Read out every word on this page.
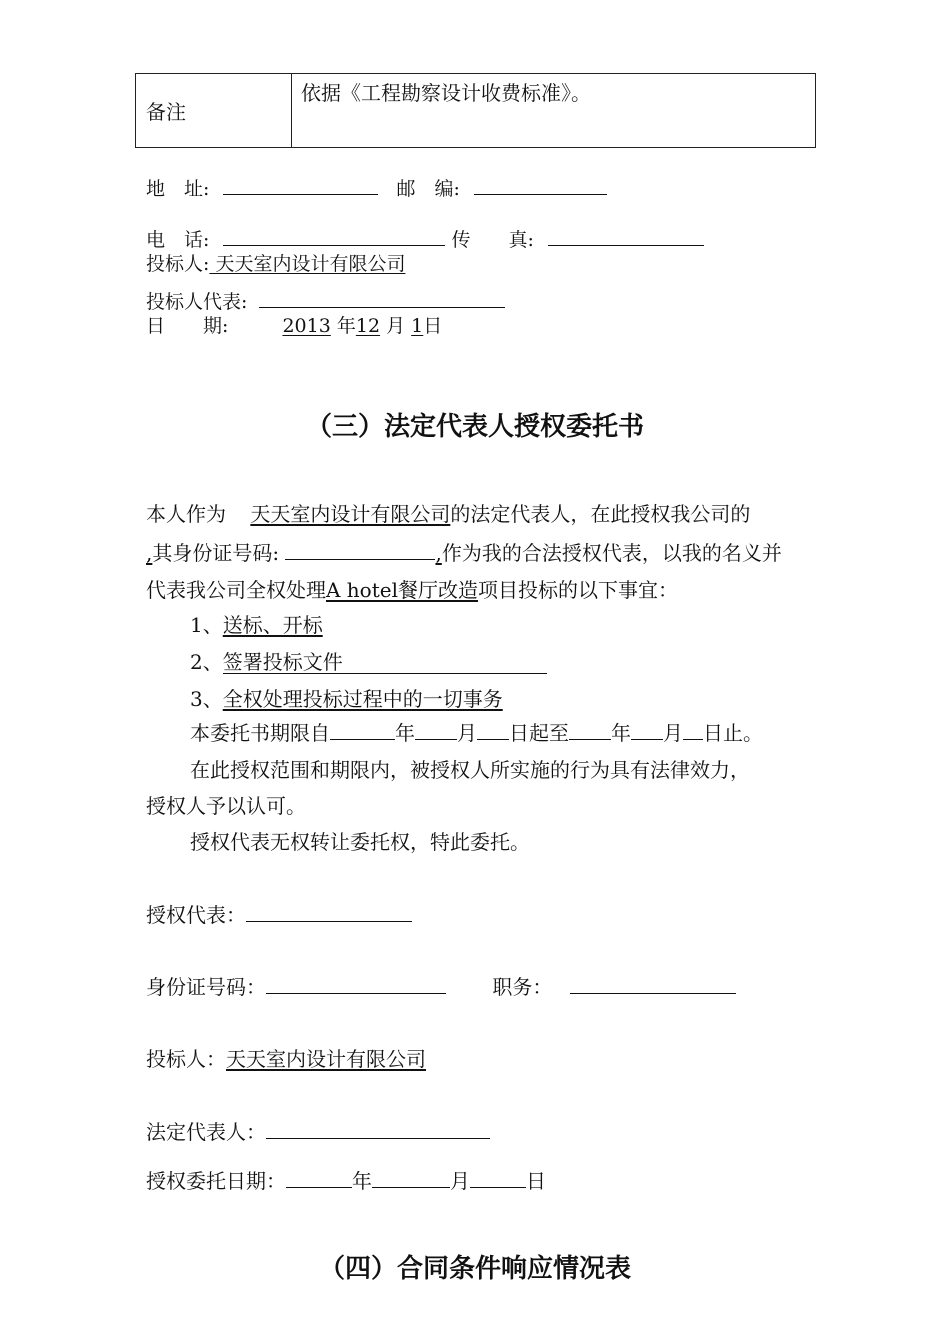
备注	依据《工程勘察设计收费标准》。
地　址:	邮　编:
电　话:	传　　真:
投标人: 天天室内设计有限公司
投标人代表:
日　　期:	2013 年12 月 1日
（三）法定代表人授权委托书
本人作为 天天室内设计有限公司的法定代表人，在此授权我公司的
,其身份证号码:	,作为我的合法授权代表，以我的名义并
代表我公司全权处理A hotel餐厅改造项目投标的以下事宜：
1、送标、开标
2、签署投标文件
3、全权处理投标过程中的一切事务
本委托书期限自	年 月 日起至 年 月 日止。
在此授权范围和期限内，被授权人所实施的行为具有法律效力，
授权人予以认可。
授权代表无权转让委托权，特此委托。
授权代表：
身份证号码：	职务：
投标人：天天室内设计有限公司
法定代表人：
授权委托日期：	年	月	日
（四）合同条件响应情况表
